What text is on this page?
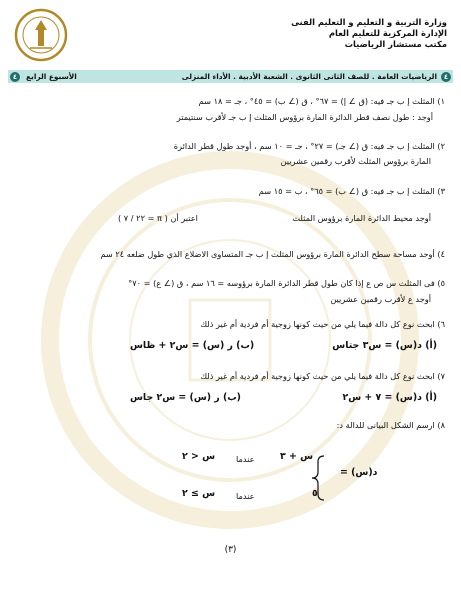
وزارة التربية و التعليم و التعليم الفنى
الإدارة المركزية للتعليم العام
مكتب مستشار الرياضيات
٤
الرياضيات العامة . للصف الثانى الثانوى . الشعبة الأدبية . الأداء المنزلى
الأسبوع الرابع
٤
١) المثلث إ ب جـ فيه: (ق ∠ إ) = ٦٧° ، ق (∠ ب) = ٤٥° ، جـ = ١٨ سم
أوجد : طول نصف قطر الدائرة المارة برؤوس المثلث إ ب جـ لأقرب سنتيمتر
٢) المثلث إ ب جـ فيه: ق (∠ جـ) = ٢٧° ، جـ = ١٠ سم ، أوجد طول قطر الدائرة
المارة برؤوس المثلث لأقرب رقمين عشريين
٣) المثلث إ ب جـ فيه: ق (∠ ب) = ٦٥° ، ب = ١٥ سم
أوجد محيط الدائرة المارة برؤوس المثلث
اعتبر أن ( π = ٢٢ / ٧ )
٤) أوجد مساحة سطح الدائرة المارة برؤوس المثلث إ ب جـ المتساوى الاضلاع الذي طول ضلعه ٢٤ سم
٥) فى المثلث س ص ع إذا كان طول قطر الدائرة المارة برؤوسه = ١٦ سم ، ق (∠ ع) = ٧٠°
أوجد ع لأقرب رقمين عشريين
٦) ابحث نوع كل دالة فيما يلي من حيث كونها زوجية أم فردية أم غير ذلك
(أ) د(س) = س٣ جتاس
(ب) ر (س) = س٢ + ظاس
٧) ابحث نوع كل دالة فيما يلي من حيث كونها زوجية أم فردية أم غير ذلك
(أ) د(س) = ٧ + س٢
(ب) ر (س) = س٢ جاس
٨) ارسم الشكل البيانى للدالة د:
د(س) =
س + ٣
عندما
س < ٢
٥
عندما
س ≥ ٢
(٣)
